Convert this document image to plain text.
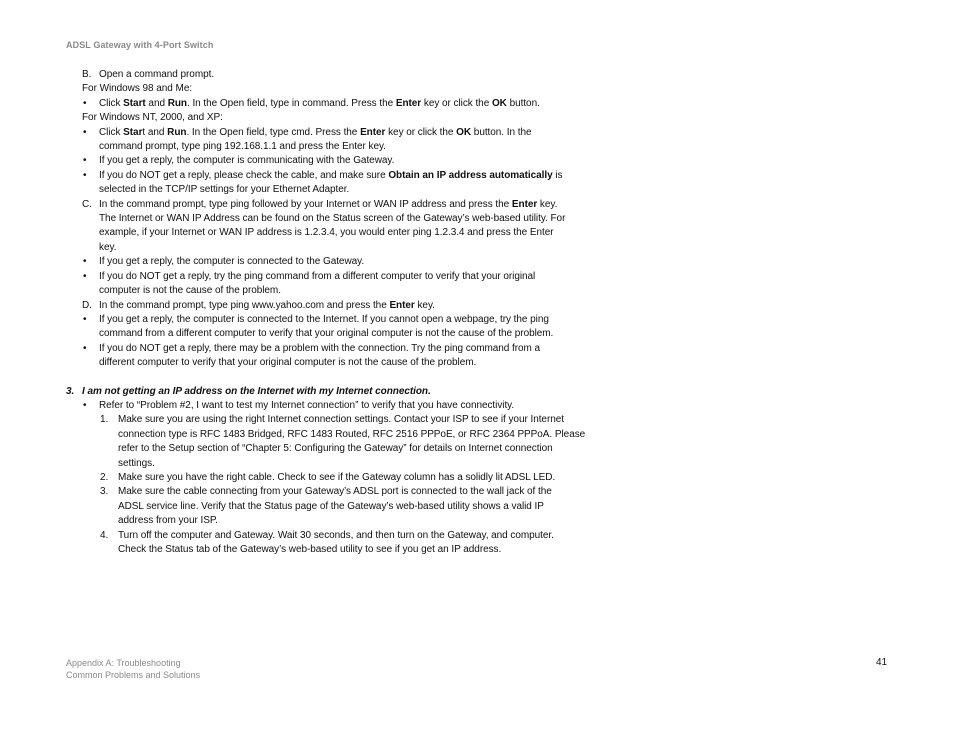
ADSL Gateway with 4-Port Switch
B. Open a command prompt.
For Windows 98 and Me:
• Click Start and Run. In the Open field, type in command. Press the Enter key or click the OK button.
For Windows NT, 2000, and XP:
• Click Start and Run. In the Open field, type cmd. Press the Enter key or click the OK button. In the
command prompt, type ping 192.168.1.1 and press the Enter key.
• If you get a reply, the computer is communicating with the Gateway.
• If you do NOT get a reply, please check the cable, and make sure Obtain an IP address automatically is
selected in the TCP/IP settings for your Ethernet Adapter.
C. In the command prompt, type ping followed by your Internet or WAN IP address and press the Enter key.
The Internet or WAN IP Address can be found on the Status screen of the Gateway’s web-based utility. For
example, if your Internet or WAN IP address is 1.2.3.4, you would enter ping 1.2.3.4 and press the Enter
key.
• If you get a reply, the computer is connected to the Gateway.
• If you do NOT get a reply, try the ping command from a different computer to verify that your original
computer is not the cause of the problem.
D. In the command prompt, type ping www.yahoo.com and press the Enter key.
• If you get a reply, the computer is connected to the Internet. If you cannot open a webpage, try the ping
command from a different computer to verify that your original computer is not the cause of the problem.
• If you do NOT get a reply, there may be a problem with the connection. Try the ping command from a
different computer to verify that your original computer is not the cause of the problem.
3. I am not getting an IP address on the Internet with my Internet connection.
• Refer to “Problem #2, I want to test my Internet connection” to verify that you have connectivity.
1. Make sure you are using the right Internet connection settings. Contact your ISP to see if your Internet
connection type is RFC 1483 Bridged, RFC 1483 Routed, RFC 2516 PPPoE, or RFC 2364 PPPoA. Please
refer to the Setup section of “Chapter 5: Configuring the Gateway” for details on Internet connection
settings.
2. Make sure you have the right cable. Check to see if the Gateway column has a solidly lit ADSL LED.
3. Make sure the cable connecting from your Gateway’s ADSL port is connected to the wall jack of the
ADSL service line. Verify that the Status page of the Gateway’s web-based utility shows a valid IP
address from your ISP.
4. Turn off the computer and Gateway. Wait 30 seconds, and then turn on the Gateway, and computer.
Check the Status tab of the Gateway’s web-based utility to see if you get an IP address.
Appendix A: Troubleshooting
Common Problems and Solutions
41
